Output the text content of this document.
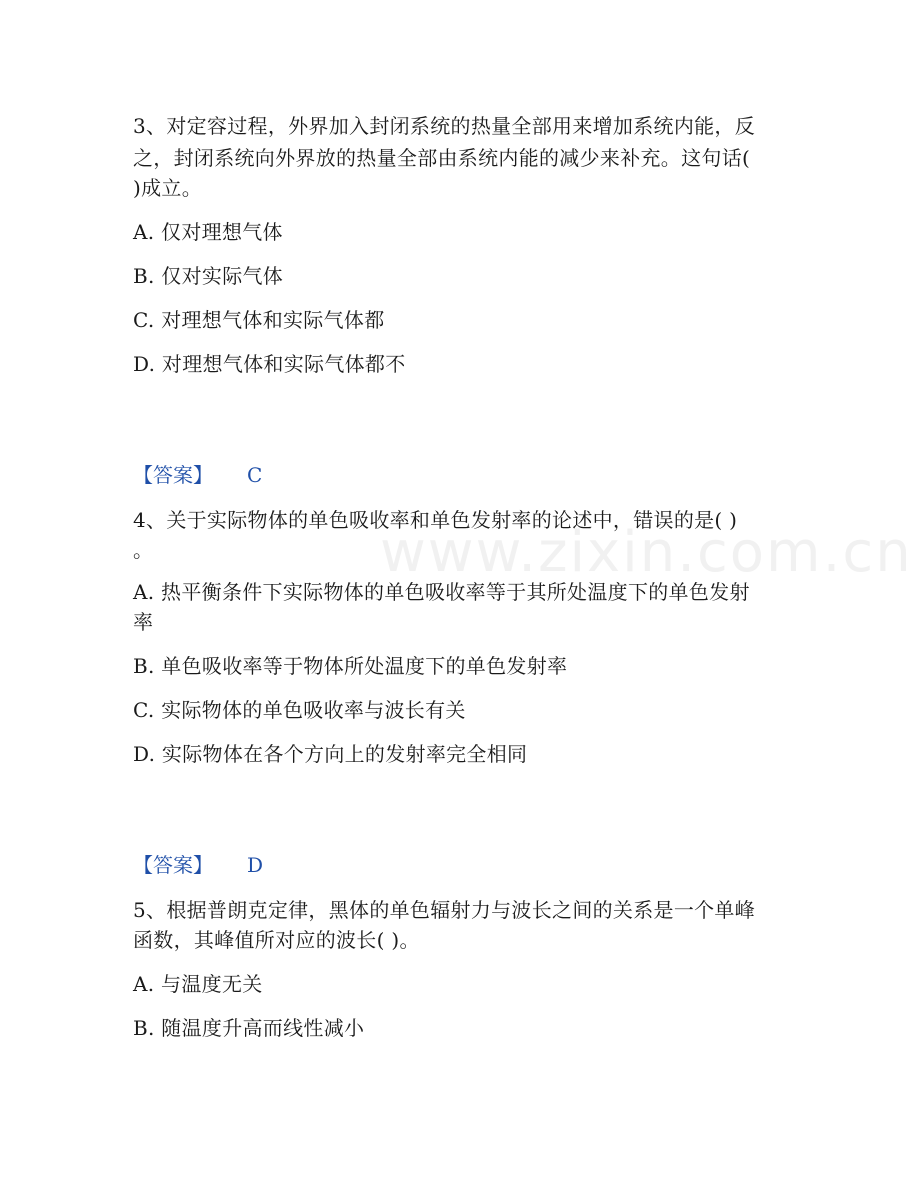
www.zixin.com.cn
3、对定容过程，外界加入封闭系统的热量全部用来增加系统内能，反
之，封闭系统向外界放的热量全部由系统内能的减少来补充。这句话(
)成立。
A. 仅对理想气体
B. 仅对实际气体
C. 对理想气体和实际气体都
D. 对理想气体和实际气体都不
【答案】 C
4、关于实际物体的单色吸收率和单色发射率的论述中，错误的是( )
。
A. 热平衡条件下实际物体的单色吸收率等于其所处温度下的单色发射
率
B. 单色吸收率等于物体所处温度下的单色发射率
C. 实际物体的单色吸收率与波长有关
D. 实际物体在各个方向上的发射率完全相同
【答案】 D
5、根据普朗克定律，黑体的单色辐射力与波长之间的关系是一个单峰
函数，其峰值所对应的波长( )。
A. 与温度无关
B. 随温度升高而线性减小
